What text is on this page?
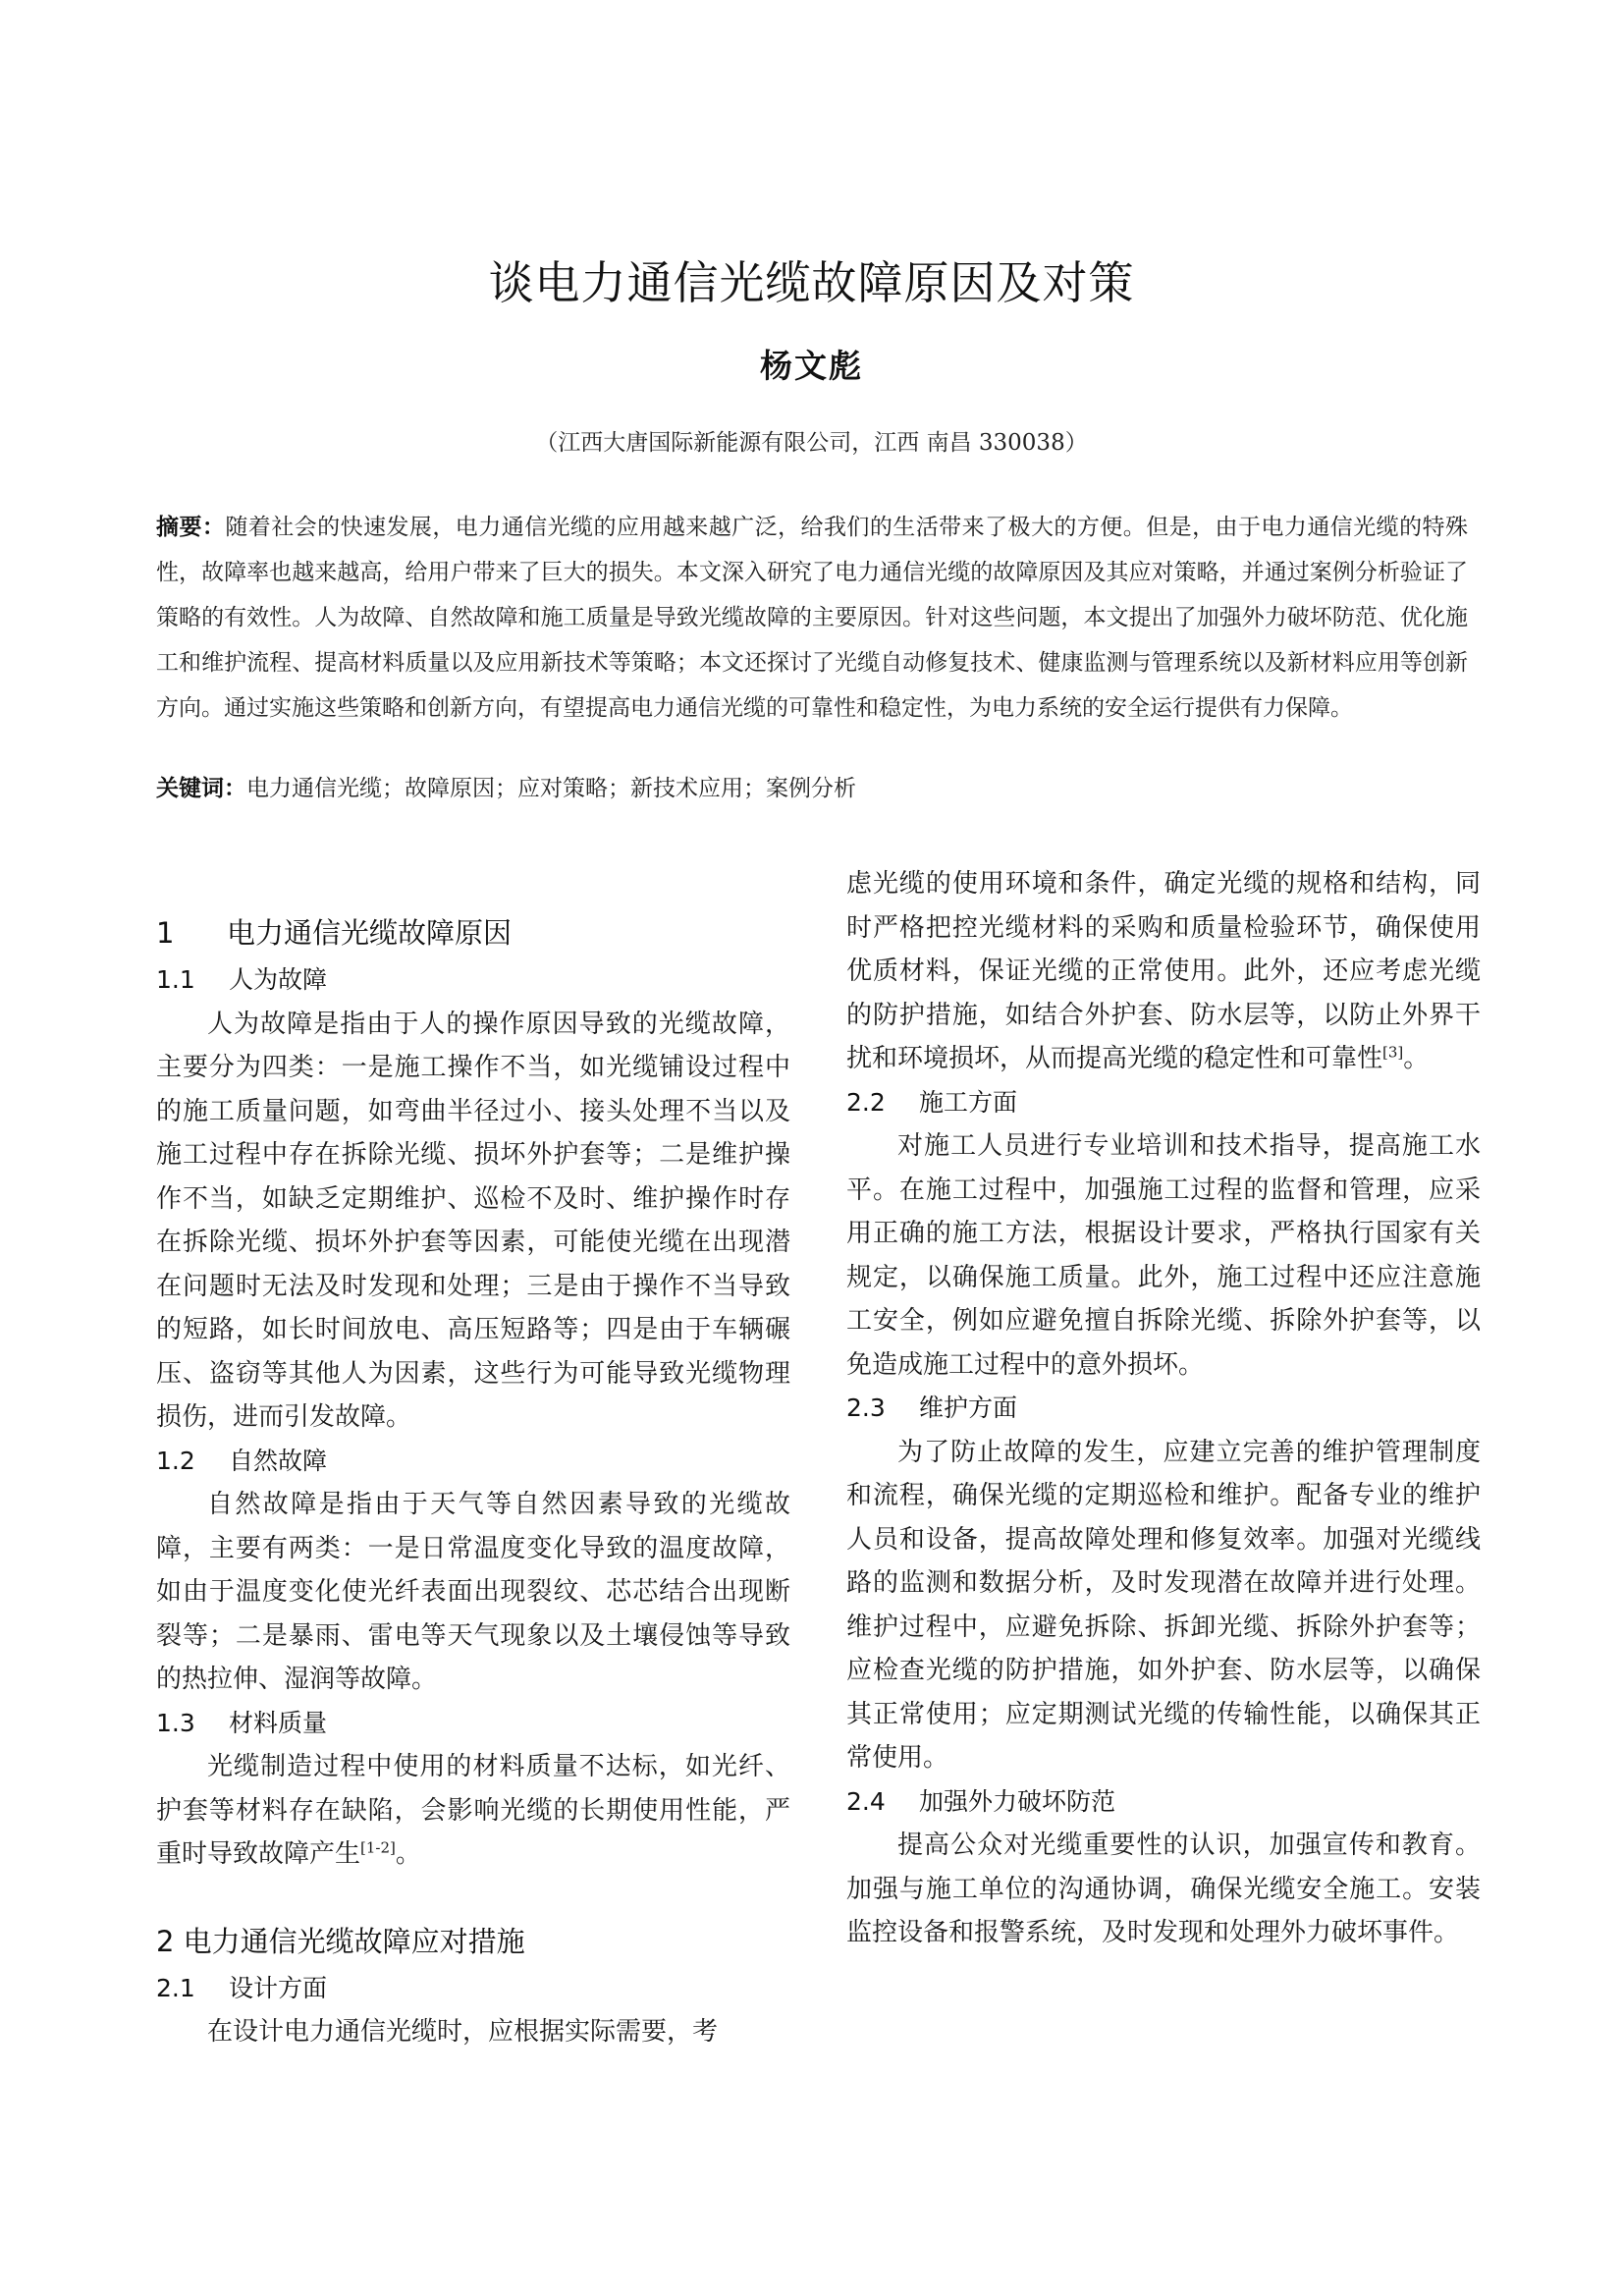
谈电力通信光缆故障原因及对策
杨文彪
（江西大唐国际新能源有限公司，江西 南昌 330038）
摘要：随着社会的快速发展，电力通信光缆的应用越来越广泛，给我们的生活带来了极大的方便。但是，由于电力通信光缆的特殊性，故障率也越来越高，给用户带来了巨大的损失。本文深入研究了电力通信光缆的故障原因及其应对策略，并通过案例分析验证了策略的有效性。人为故障、自然故障和施工质量是导致光缆故障的主要原因。针对这些问题，本文提出了加强外力破坏防范、优化施工和维护流程、提高材料质量以及应用新技术等策略；本文还探讨了光缆自动修复技术、健康监测与管理系统以及新材料应用等创新方向。通过实施这些策略和创新方向，有望提高电力通信光缆的可靠性和稳定性，为电力系统的安全运行提供有力保障。
关键词：电力通信光缆；故障原因；应对策略；新技术应用；案例分析
1 电力通信光缆故障原因
1.1 人为故障

人为故障是指由于人的操作原因导致的光缆故障，主要分为四类：一是施工操作不当，如光缆铺设过程中的施工质量问题，如弯曲半径过小、接头处理不当以及施工过程中存在拆除光缆、损坏外护套等；二是维护操作不当，如缺乏定期维护、巡检不及时、维护操作时存在拆除光缆、损坏外护套等因素，可能使光缆在出现潜在问题时无法及时发现和处理；三是由于操作不当导致的短路，如长时间放电、高压短路等；四是由于车辆碾压、盗窃等其他人为因素，这些行为可能导致光缆物理损伤，进而引发故障。

1.2 自然故障

自然故障是指由于天气等自然因素导致的光缆故障，主要有两类：一是日常温度变化导致的温度故障，如由于温度变化使光纤表面出现裂纹、芯芯结合出现断裂等；二是暴雨、雷电等天气现象以及土壤侵蚀等导致的热拉伸、湿润等故障。

1.3 材料质量

光缆制造过程中使用的材料质量不达标，如光纤、护套等材料存在缺陷，会影响光缆的长期使用性能，严重时导致故障产生[1-2]。

2 电力通信光缆故障应对措施
2.1 设计方面

在设计电力通信光缆时，应根据实际需要，考

虑光缆的使用环境和条件，确定光缆的规格和结构，同时严格把控光缆材料的采购和质量检验环节，确保使用优质材料，保证光缆的正常使用。此外，还应考虑光缆的防护措施，如结合外护套、防水层等，以防止外界干扰和环境损坏，从而提高光缆的稳定性和可靠性[3]。

2.2 施工方面

对施工人员进行专业培训和技术指导，提高施工水平。在施工过程中，加强施工过程的监督和管理，应采用正确的施工方法，根据设计要求，严格执行国家有关规定，以确保施工质量。此外，施工过程中还应注意施工安全，例如应避免擅自拆除光缆、拆除外护套等，以免造成施工过程中的意外损坏。

2.3 维护方面

为了防止故障的发生，应建立完善的维护管理制度和流程，确保光缆的定期巡检和维护。配备专业的维护人员和设备，提高故障处理和修复效率。加强对光缆线路的监测和数据分析，及时发现潜在故障并进行处理。维护过程中，应避免拆除、拆卸光缆、拆除外护套等；应检查光缆的防护措施，如外护套、防水层等，以确保其正常使用；应定期测试光缆的传输性能，以确保其正常使用。

2.4 加强外力破坏防范

提高公众对光缆重要性的认识，加强宣传和教育。加强与施工单位的沟通协调，确保光缆安全施工。安装监控设备和报警系统，及时发现和处理外力破坏事件。
